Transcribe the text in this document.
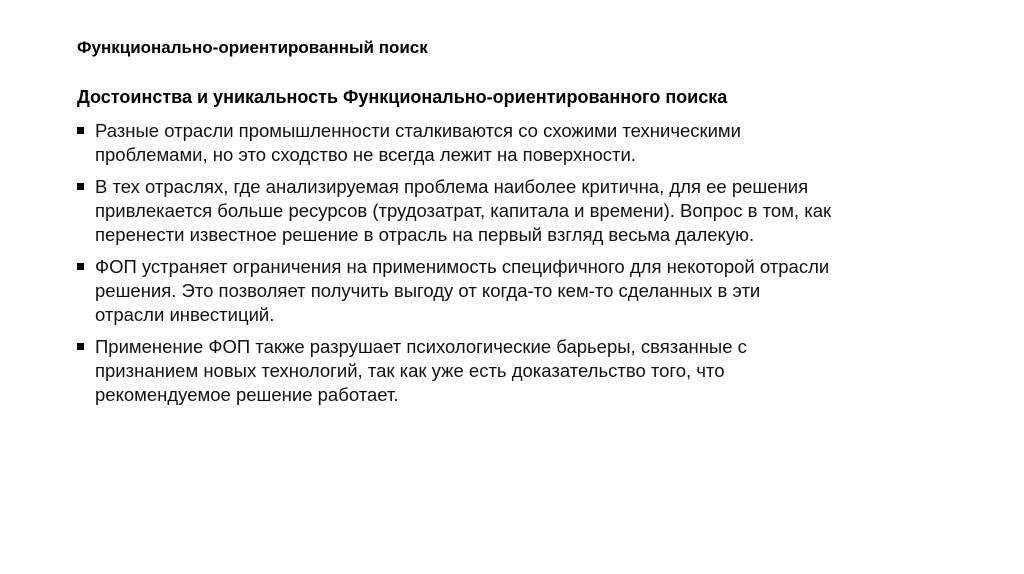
Функционально-ориентированный поиск
Достоинства и уникальность Функционально-ориентированного поиска
Разные отрасли промышленности сталкиваются со схожими техническими
проблемами, но это сходство не всегда лежит на поверхности.
В тех отраслях, где анализируемая проблема наиболее критична, для ее решения
привлекается больше ресурсов (трудозатрат, капитала и времени). Вопрос в том, как
перенести известное решение в отрасль на первый взгляд весьма далекую.
ФОП устраняет ограничения на применимость специфичного для некоторой отрасли
решения. Это позволяет получить выгоду от когда-то кем-то сделанных в эти
отрасли инвестиций.
Применение ФОП также разрушает психологические барьеры, связанные с
признанием новых технологий, так как уже есть доказательство того, что
рекомендуемое решение работает.
